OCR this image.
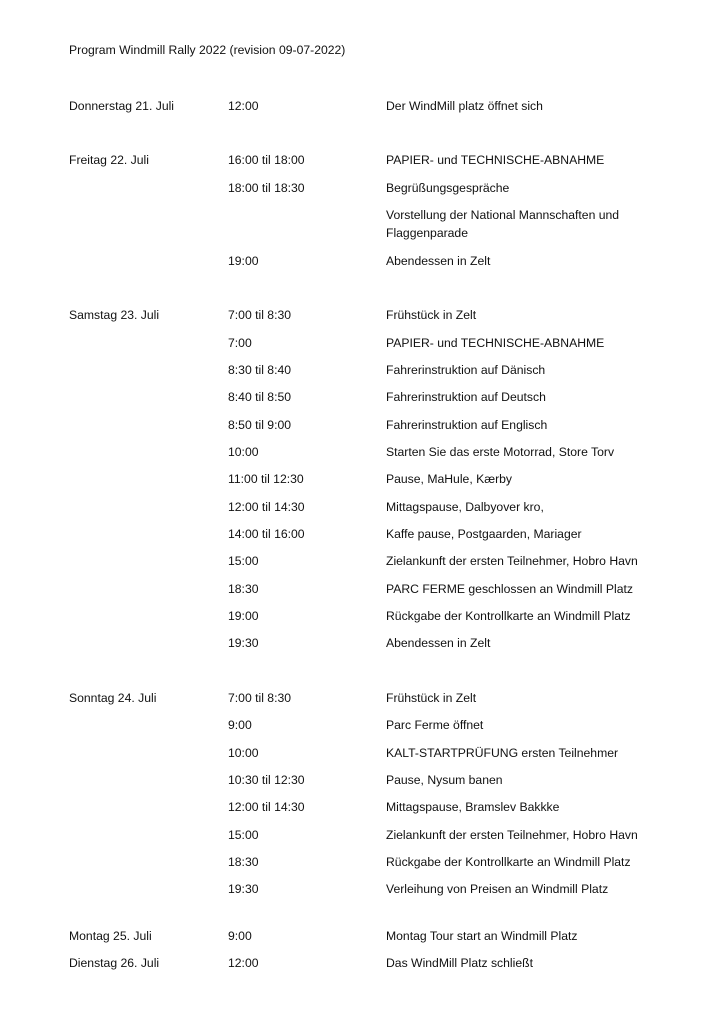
Program Windmill Rally 2022 (revision 09-07-2022)
Donnerstag 21. Juli	12:00	Der WindMill platz öffnet sich
Freitag 22. Juli	16:00 til 18:00	PAPIER- und TECHNISCHE-ABNAHME
18:00 til 18:30	Begrüßungsgespräche
Vorstellung der National Mannschaften und Flaggenparade
19:00	Abendessen in Zelt
Samstag 23. Juli	7:00 til 8:30	Frühstück in Zelt
7:00	PAPIER- und TECHNISCHE-ABNAHME
8:30 til 8:40	Fahrerinstruktion auf Dänisch
8:40 til 8:50	Fahrerinstruktion auf Deutsch
8:50 til 9:00	Fahrerinstruktion auf Englisch
10:00	Starten Sie das erste Motorrad, Store Torv
11:00 til 12:30	Pause, MaHule, Kærby
12:00 til 14:30	Mittagspause, Dalbyover kro,
14:00 til 16:00	Kaffe pause, Postgaarden, Mariager
15:00	Zielankunft der ersten Teilnehmer, Hobro Havn
18:30	PARC FERME geschlossen an Windmill Platz
19:00	Rückgabe der Kontrollkarte an Windmill Platz
19:30	Abendessen in Zelt
Sonntag 24. Juli	7:00 til 8:30	Frühstück in Zelt
9:00	Parc Ferme öffnet
10:00	KALT-STARTPRÜFUNG ersten Teilnehmer
10:30 til 12:30	Pause, Nysum banen
12:00 til 14:30	Mittagspause, Bramslev Bakkke
15:00	Zielankunft der ersten Teilnehmer, Hobro Havn
18:30	Rückgabe der Kontrollkarte an Windmill Platz
19:30	Verleihung von Preisen an Windmill Platz
Montag 25. Juli	9:00	Montag Tour start an Windmill Platz
Dienstag 26. Juli	12:00	Das WindMill Platz schließt
